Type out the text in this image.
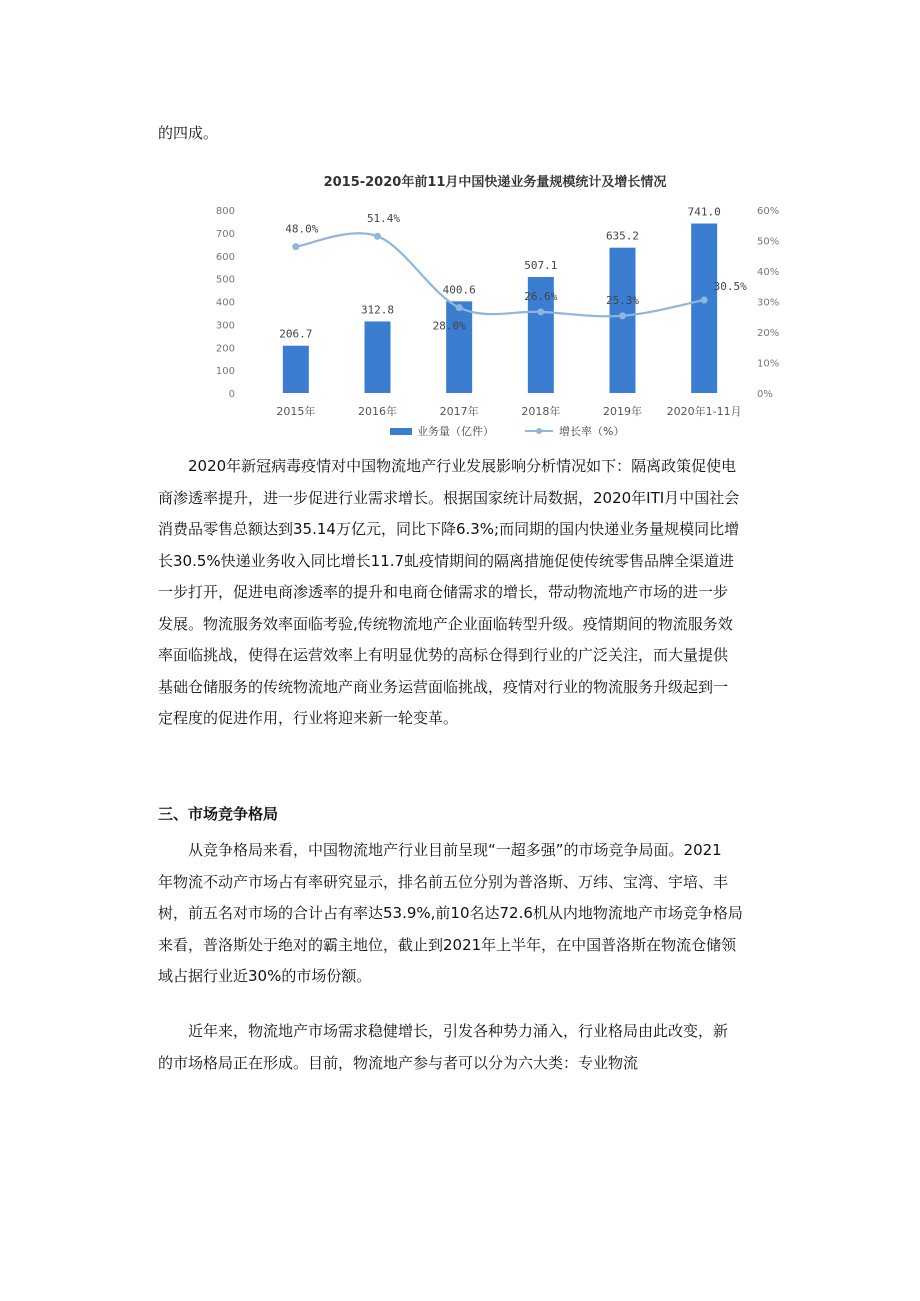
的四成。
2015-2020年前11月中国快递业务量规模统计及增长情况
0
100
200
300
400
500
600
700
800
0%
10%
20%
30%
40%
50%
60%
206.7
312.8
400.6
507.1
635.2
741.0
2015年	2016年	2017年	2018年	2019年 2020年1-11月
48.0%
51.4%
28.0%
26.6%	25.3%
30.5%
业务量（亿件）	增长率（%）
2020年新冠病毒疫情对中国物流地产行业发展影响分析情况如下：隔离政策促使电
商渗透率提升，进一步促进行业需求增长。根据国家统计局数据，2020年ITI月中国社会
消费品零售总额达到35.14万亿元，同比下降6.3%;而同期的国内快递业务量规模同比增
长30.5%快递业务收入同比增长11.7虬疫情期间的隔离措施促使传统零售品牌全渠道进
一步打开，促进电商渗透率的提升和电商仓储需求的增长，带动物流地产市场的进一步
发展。物流服务效率面临考验,传统物流地产企业面临转型升级。疫情期间的物流服务效
率面临挑战，使得在运营效率上有明显优势的高标仓得到行业的广泛关注，而大量提供
基础仓储服务的传统物流地产商业务运营面临挑战，疫情对行业的物流服务升级起到一
定程度的促进作用，行业将迎来新一轮变革。
三、市场竞争格局
从竞争格局来看，中国物流地产行业目前呈现“一超多强”的市场竞争局面。2021
年物流不动产市场占有率研究显示，排名前五位分别为普洛斯、万纬、宝湾、宇培、丰
树，前五名对市场的合计占有率达53.9%,前10名达72.6机从内地物流地产市场竞争格局
来看，普洛斯处于绝对的霸主地位，截止到2021年上半年，在中国普洛斯在物流仓储领
域占据行业近30%的市场份额。
近年来，物流地产市场需求稳健增长，引发各种势力涌入，行业格局由此改变，新
的市场格局正在形成。目前，物流地产参与者可以分为六大类：专业物流
